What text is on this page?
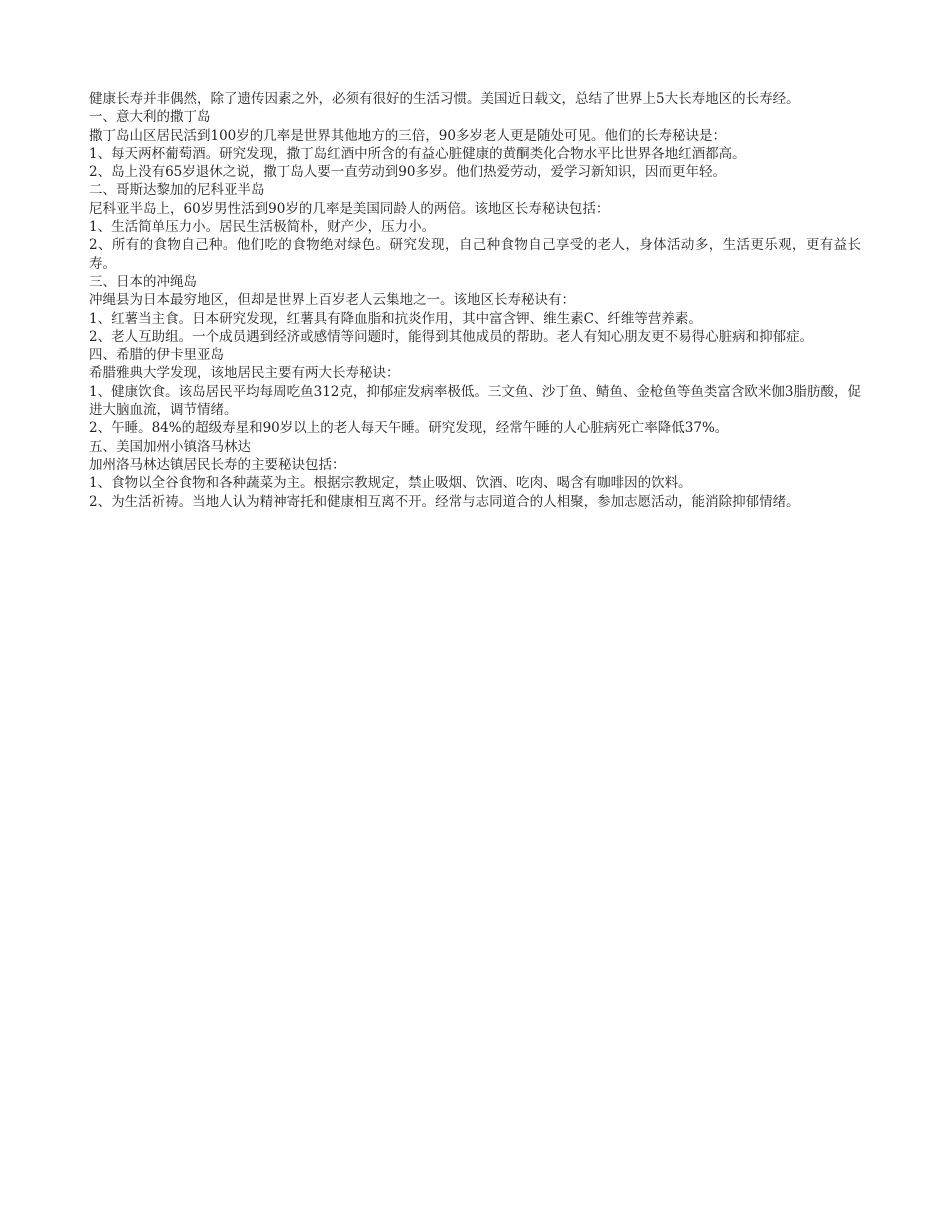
健康长寿并非偶然，除了遗传因素之外，必须有很好的生活习惯。美国近日载文，总结了世界上5大长寿地区的长寿经。

一、意大利的撒丁岛

撒丁岛山区居民活到100岁的几率是世界其他地方的三倍，90多岁老人更是随处可见。他们的长寿秘诀是：

1、每天两杯葡萄酒。研究发现，撒丁岛红酒中所含的有益心脏健康的黄酮类化合物水平比世界各地红酒都高。

2、岛上没有65岁退休之说，撒丁岛人要一直劳动到90多岁。他们热爱劳动，爱学习新知识，因而更年轻。

二、哥斯达黎加的尼科亚半岛

尼科亚半岛上，60岁男性活到90岁的几率是美国同龄人的两倍。该地区长寿秘诀包括：

1、生活简单压力小。居民生活极简朴，财产少，压力小。

2、所有的食物自己种。他们吃的食物绝对绿色。研究发现，自己种食物自己享受的老人，身体活动多，生活更乐观，更有益长寿。

三、日本的冲绳岛

冲绳县为日本最穷地区，但却是世界上百岁老人云集地之一。该地区长寿秘诀有：

1、红薯当主食。日本研究发现，红薯具有降血脂和抗炎作用，其中富含钾、维生素C、纤维等营养素。

2、老人互助组。一个成员遇到经济或感情等问题时，能得到其他成员的帮助。老人有知心朋友更不易得心脏病和抑郁症。

四、希腊的伊卡里亚岛

希腊雅典大学发现，该地居民主要有两大长寿秘诀：

1、健康饮食。该岛居民平均每周吃鱼312克，抑郁症发病率极低。三文鱼、沙丁鱼、鲭鱼、金枪鱼等鱼类富含欧米伽3脂肪酸，促进大脑血流，调节情绪。

2、午睡。84%的超级寿星和90岁以上的老人每天午睡。研究发现，经常午睡的人心脏病死亡率降低37%。

五、美国加州小镇洛马林达

加州洛马林达镇居民长寿的主要秘诀包括：

1、食物以全谷食物和各种蔬菜为主。根据宗教规定，禁止吸烟、饮酒、吃肉、喝含有咖啡因的饮料。

2、为生活祈祷。当地人认为精神寄托和健康相互离不开。经常与志同道合的人相聚，参加志愿活动，能消除抑郁情绪。
